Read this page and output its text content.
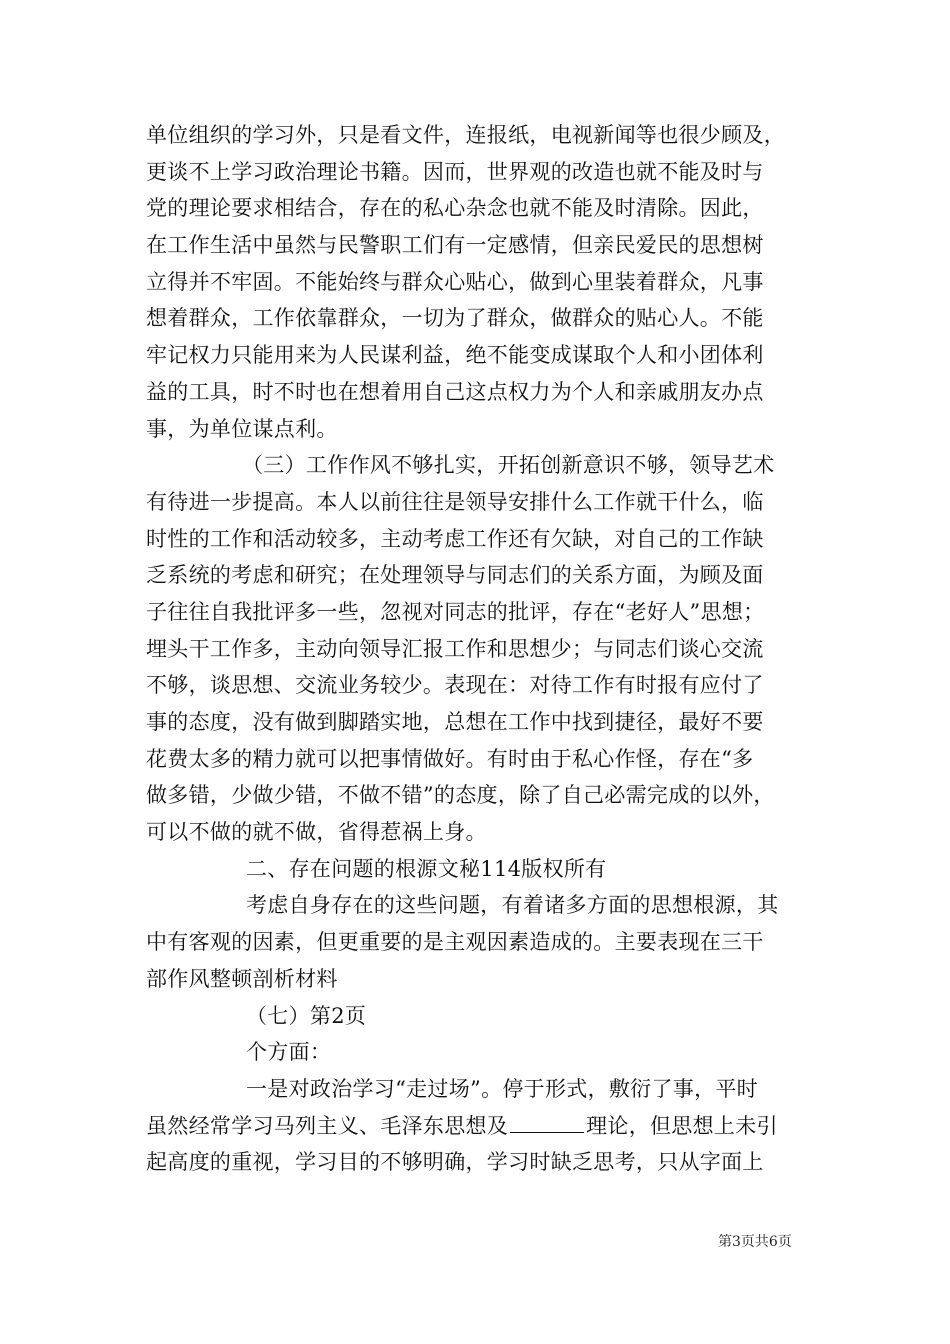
单位组织的学习外，只是看文件，连报纸，电视新闻等也很少顾及，
更谈不上学习政治理论书籍。因而，世界观的改造也就不能及时与
党的理论要求相结合，存在的私心杂念也就不能及时清除。因此，
在工作生活中虽然与民警职工们有一定感情，但亲民爱民的思想树
立得并不牢固。不能始终与群众心贴心，做到心里装着群众，凡事
想着群众，工作依靠群众，一切为了群众，做群众的贴心人。不能
牢记权力只能用来为人民谋利益，绝不能变成谋取个人和小团体利
益的工具，时不时也在想着用自己这点权力为个人和亲戚朋友办点
事，为单位谋点利。
（三）工作作风不够扎实，开拓创新意识不够，领导艺术
有待进一步提高。本人以前往往是领导安排什么工作就干什么，临
时性的工作和活动较多，主动考虑工作还有欠缺，对自己的工作缺
乏系统的考虑和研究；在处理领导与同志们的关系方面，为顾及面
子往往自我批评多一些，忽视对同志的批评，存在“老好人”思想；
埋头干工作多，主动向领导汇报工作和思想少；与同志们谈心交流
不够，谈思想、交流业务较少。表现在：对待工作有时报有应付了
事的态度，没有做到脚踏实地，总想在工作中找到捷径，最好不要
花费太多的精力就可以把事情做好。有时由于私心作怪，存在“多
做多错，少做少错，不做不错”的态度，除了自己必需完成的以外，
可以不做的就不做，省得惹祸上身。
二、存在问题的根源文秘114版权所有
考虑自身存在的这些问题，有着诸多方面的思想根源，其
中有客观的因素，但更重要的是主观因素造成的。主要表现在三干
部作风整顿剖析材料
（七）第2页
个方面：
一是对政治学习“走过场”。停于形式，敷衍了事，平时
虽然经常学习马列主义、毛泽东思想及	理论，但思想上未引
起高度的重视，学习目的不够明确，学习时缺乏思考，只从字面上
第3页共6页
